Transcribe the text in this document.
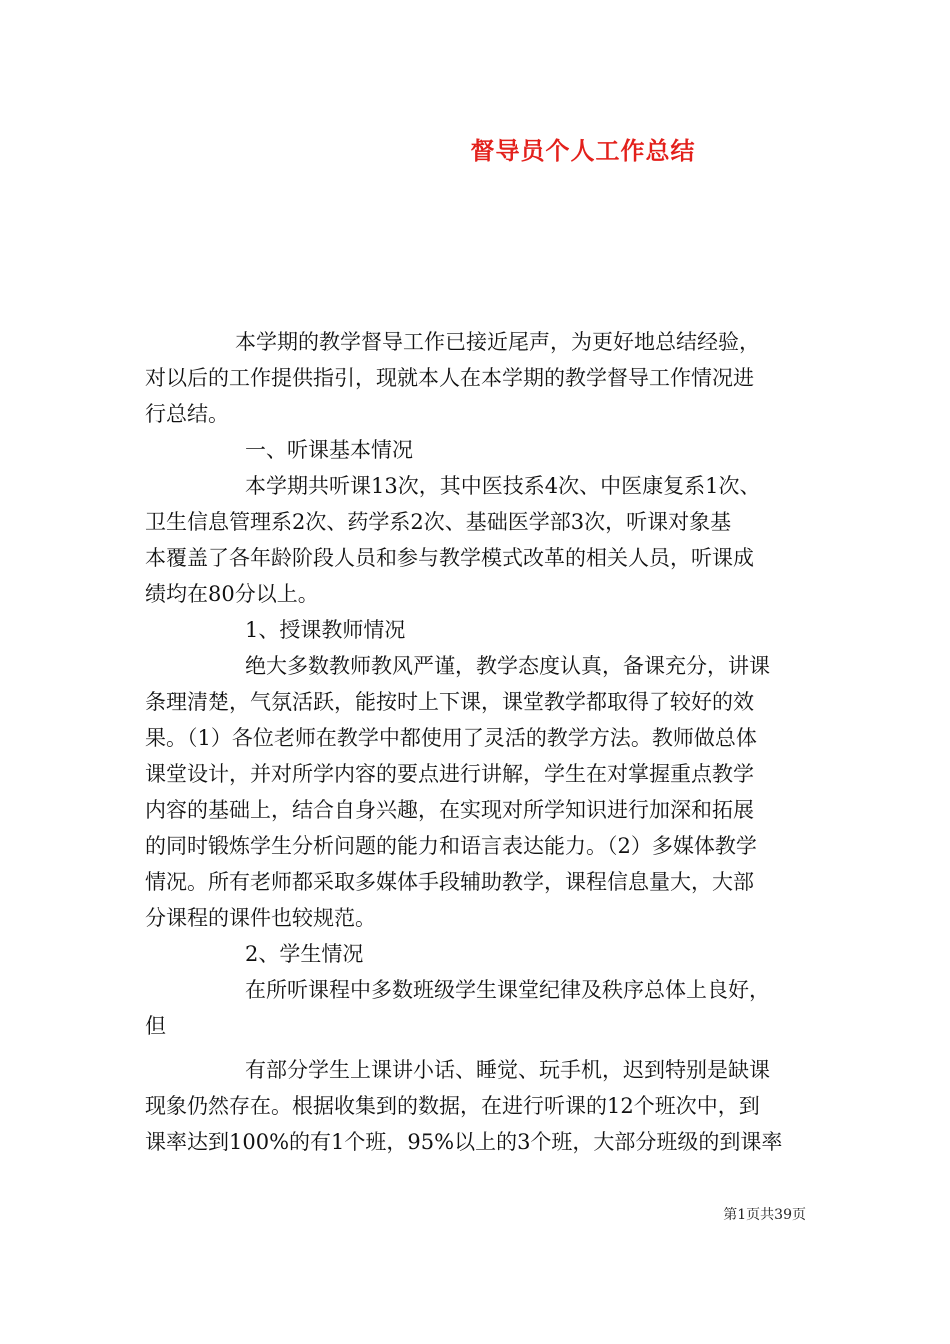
督导员个人工作总结
本学期的教学督导工作已接近尾声，为更好地总结经验，
对以后的工作提供指引，现就本人在本学期的教学督导工作情况进
行总结。
一、听课基本情况
本学期共听课13次，其中医技系4次、中医康复系1次、
卫生信息管理系2次、药学系2次、基础医学部3次，听课对象基
本覆盖了各年龄阶段人员和参与教学模式改革的相关人员，听课成
绩均在80分以上。
1、授课教师情况
绝大多数教师教风严谨，教学态度认真，备课充分，讲课
条理清楚，气氛活跃，能按时上下课，课堂教学都取得了较好的效
果。（1）各位老师在教学中都使用了灵活的教学方法。教师做总体
课堂设计，并对所学内容的要点进行讲解，学生在对掌握重点教学
内容的基础上，结合自身兴趣，在实现对所学知识进行加深和拓展
的同时锻炼学生分析问题的能力和语言表达能力。（2）多媒体教学
情况。所有老师都采取多媒体手段辅助教学，课程信息量大，大部
分课程的课件也较规范。
2、学生情况
在所听课程中多数班级学生课堂纪律及秩序总体上良好，
但
有部分学生上课讲小话、睡觉、玩手机，迟到特别是缺课
现象仍然存在。根据收集到的数据，在进行听课的12个班次中，到
课率达到100%的有1个班，95%以上的3个班，大部分班级的到课率
第1页共39页
